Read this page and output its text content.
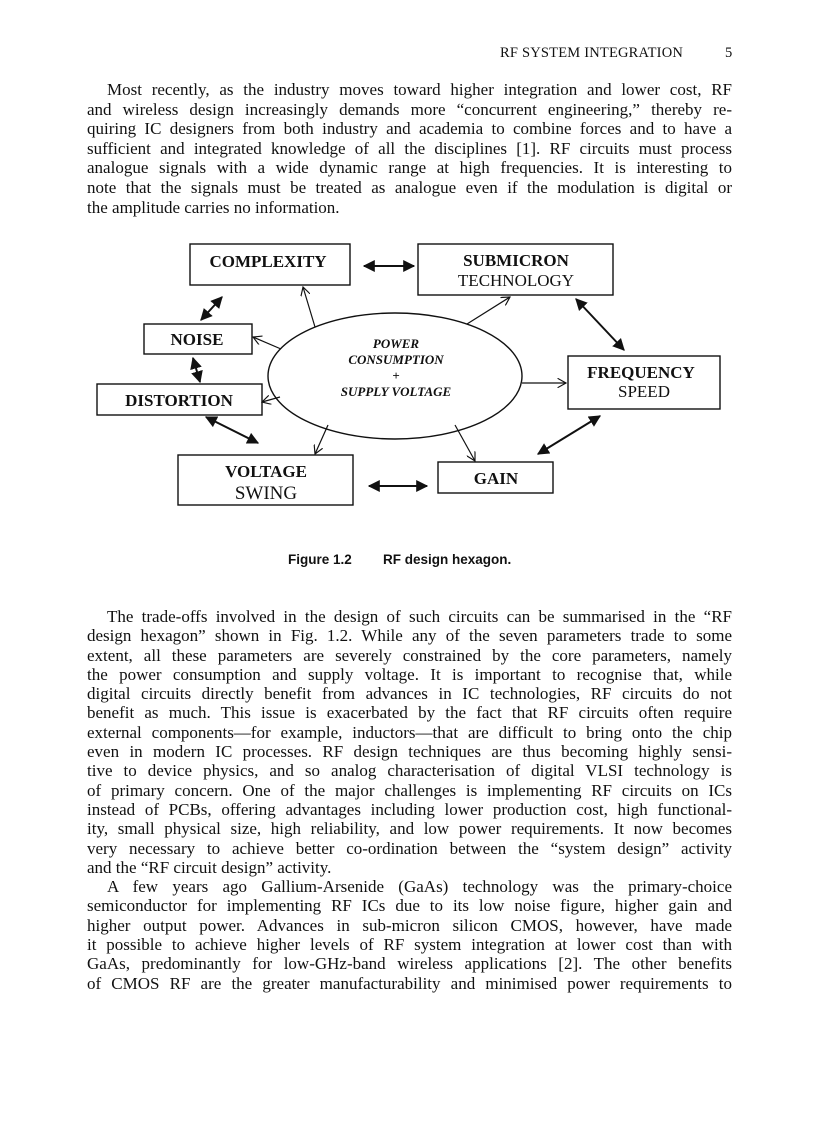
RF SYSTEM INTEGRATION	5
Most recently, as the industry moves toward higher integration and lower cost, RF
and wireless design increasingly demands more “concurrent engineering,” thereby re-
quiring IC designers from both industry and academia to combine forces and to have a
sufficient and integrated knowledge of all the disciplines [1]. RF circuits must process
analogue signals with a wide dynamic range at high frequencies. It is interesting to
note that the signals must be treated as analogue even if the modulation is digital or
the amplitude carries no information.
POWER
CONSUMPTION
+
SUPPLY VOLTAGE
COMPLEXITY	SUBMICRON
TECHNOLOGY
NOISE
DISTORTION
FREQUENCY
SPEED
VOLTAGE
SWING
GAIN
Figure 1.2 RF design hexagon.
The trade-offs involved in the design of such circuits can be summarised in the “RF
design hexagon” shown in Fig. 1.2. While any of the seven parameters trade to some
extent, all these parameters are severely constrained by the core parameters, namely
the power consumption and supply voltage. It is important to recognise that, while
digital circuits directly benefit from advances in IC technologies, RF circuits do not
benefit as much. This issue is exacerbated by the fact that RF circuits often require
external components—for example, inductors—that are difficult to bring onto the chip
even in modern IC processes. RF design techniques are thus becoming highly sensi-
tive to device physics, and so analog characterisation of digital VLSI technology is
of primary concern. One of the major challenges is implementing RF circuits on ICs
instead of PCBs, offering advantages including lower production cost, high functional-
ity, small physical size, high reliability, and low power requirements. It now becomes
very necessary to achieve better co-ordination between the “system design” activity
and the “RF circuit design” activity.
A few years ago Gallium-Arsenide (GaAs) technology was the primary-choice
semiconductor for implementing RF ICs due to its low noise figure, higher gain and
higher output power. Advances in sub-micron silicon CMOS, however, have made
it possible to achieve higher levels of RF system integration at lower cost than with
GaAs, predominantly for low-GHz-band wireless applications [2]. The other benefits
of CMOS RF are the greater manufacturability and minimised power requirements to
